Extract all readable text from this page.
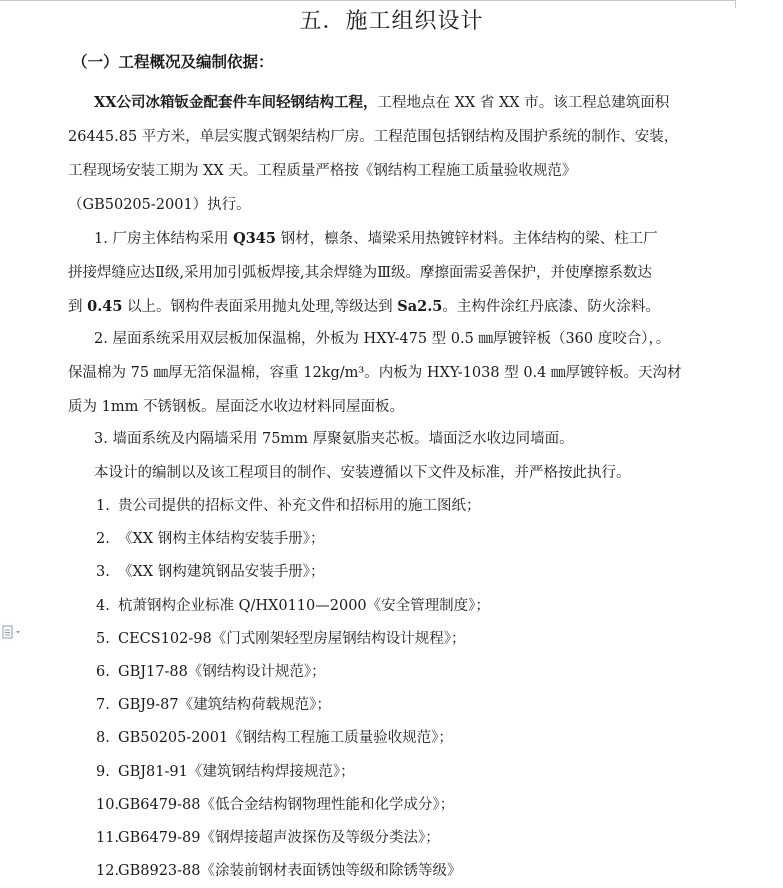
五．施工组织设计
（一）工程概况及编制依据：
XX公司冰箱钣金配套件车间轻钢结构工程，工程地点在 XX 省 XX 市。该工程总建筑面积
26445.85 平方米，单层实腹式钢架结构厂房。工程范围包括钢结构及围护系统的制作、安装，
工程现场安装工期为 XX 天。工程质量严格按《钢结构工程施工质量验收规范》
（GB50205-2001）执行。
1. 厂房主体结构采用 Q345 钢材，檩条、墙梁采用热镀锌材料。主体结构的梁、柱工厂
拼接焊缝应达Ⅱ级,采用加引弧板焊接,其余焊缝为Ⅲ级。摩擦面需妥善保护，并使摩擦系数达
到 0.45 以上。钢构件表面采用抛丸处理,等级达到 Sa2.5。主构件涂红丹底漆、防火涂料。
2. 屋面系统采用双层板加保温棉，外板为 HXY-475 型 0.5 ㎜厚镀锌板（360 度咬合），。
保温棉为 75 ㎜厚无箔保温棉，容重 12kg/m³。内板为 HXY-1038 型 0.4 ㎜厚镀锌板。天沟材
质为 1mm 不锈钢板。屋面泛水收边材料同屋面板。
3. 墙面系统及内隔墙采用 75mm 厚聚氨脂夹芯板。墙面泛水收边同墙面。
本设计的编制以及该工程项目的制作、安装遵循以下文件及标准，并严格按此执行。
1. 贵公司提供的招标文件、补充文件和招标用的施工图纸；
2. 《XX 钢构主体结构安装手册》；
3. 《XX 钢构建筑钢品安装手册》；
4. 杭萧钢构企业标准 Q/HX0110—2000《安全管理制度》；
5. CECS102-98《门式刚架轻型房屋钢结构设计规程》；
6. GBJ17-88《钢结构设计规范》；
7. GBJ9-87《建筑结构荷载规范》；
8. GB50205-2001《钢结构工程施工质量验收规范》；
9. GBJ81-91《建筑钢结构焊接规范》；
10.GB6479-88《低合金结构钢物理性能和化学成分》；
11.GB6479-89《钢焊接超声波探伤及等级分类法》；
12.GB8923-88《涂装前钢材表面锈蚀等级和除锈等级》
